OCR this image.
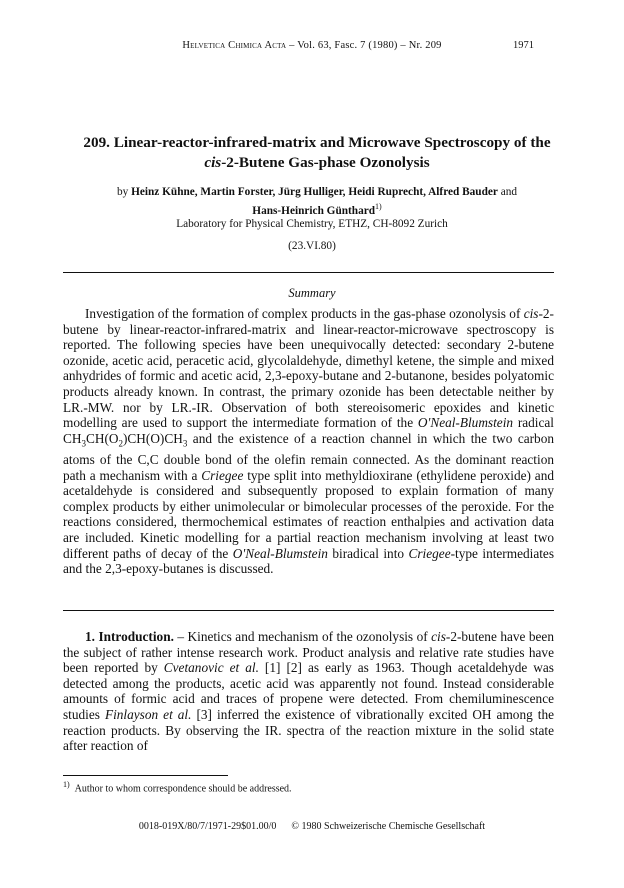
Helvetica Chimica Acta – Vol. 63, Fasc. 7 (1980) – Nr. 209	1971
209. Linear-reactor-infrared-matrix and Microwave Spectroscopy of the
cis-2-Butene Gas-phase Ozonolysis
by Heinz Kühne, Martin Forster, Jürg Hulliger, Heidi Ruprecht, Alfred Bauder and
Hans-Heinrich Günthard$^{1)}$
Laboratory for Physical Chemistry, ETHZ, CH-8092 Zurich
(23.VI.80)
Summary

Investigation of the formation of complex products in the gas-phase ozonolysis of cis-2-butene by linear-reactor-infrared-matrix and linear-reactor-microwave spectroscopy is reported. The following species have been unequivocally detected: secondary 2-butene ozonide, acetic acid, peracetic acid, glycolaldehyde, dimethyl ketene, the simple and mixed anhydrides of formic and acetic acid, 2,3-epoxy-butane and 2-butanone, besides polyatomic products already known. In contrast, the primary ozonide has been detectable neither by LR.-MW. nor by LR.-IR. Observation of both stereoisomeric epoxides and kinetic modelling are used to support the intermediate formation of the O'Neal-Blumstein radical $CH_3CH(O_2)CH(O)CH_3$ and the existence of a reaction channel in which the two carbon atoms of the C,C double bond of the olefin remain connected. As the dominant reaction path a mechanism with a Criegee type split into methyldioxirane (ethylidene peroxide) and acetaldehyde is considered and subsequently proposed to explain formation of many complex products by either unimolecular or bimolecular processes of the peroxide. For the reactions considered, thermochemical estimates of reaction enthalpies and activation data are included. Kinetic modelling for a partial reaction mechanism involving at least two different paths of decay of the O'Neal-Blumstein biradical into Criegee-type intermediates and the 2,3-epoxy-butanes is discussed.

1. Introduction. – Kinetics and mechanism of the ozonolysis of cis-2-butene have been the subject of rather intense research work. Product analysis and relative rate studies have been reported by Cvetanovic et al. [1] [2] as early as 1963. Though acetaldehyde was detected among the products, acetic acid was apparently not found. Instead considerable amounts of formic acid and traces of propene were detected. From chemiluminescence studies Finlayson et al. [3] inferred the existence of vibrationally excited OH among the reaction products. By observing the IR. spectra of the reaction mixture in the solid state after reaction of

$^{1)}$ Author to whom correspondence should be addressed.
0018-019X/80/7/1971-29$01.00/0 © 1980 Schweizerische Chemische Gesellschaft
